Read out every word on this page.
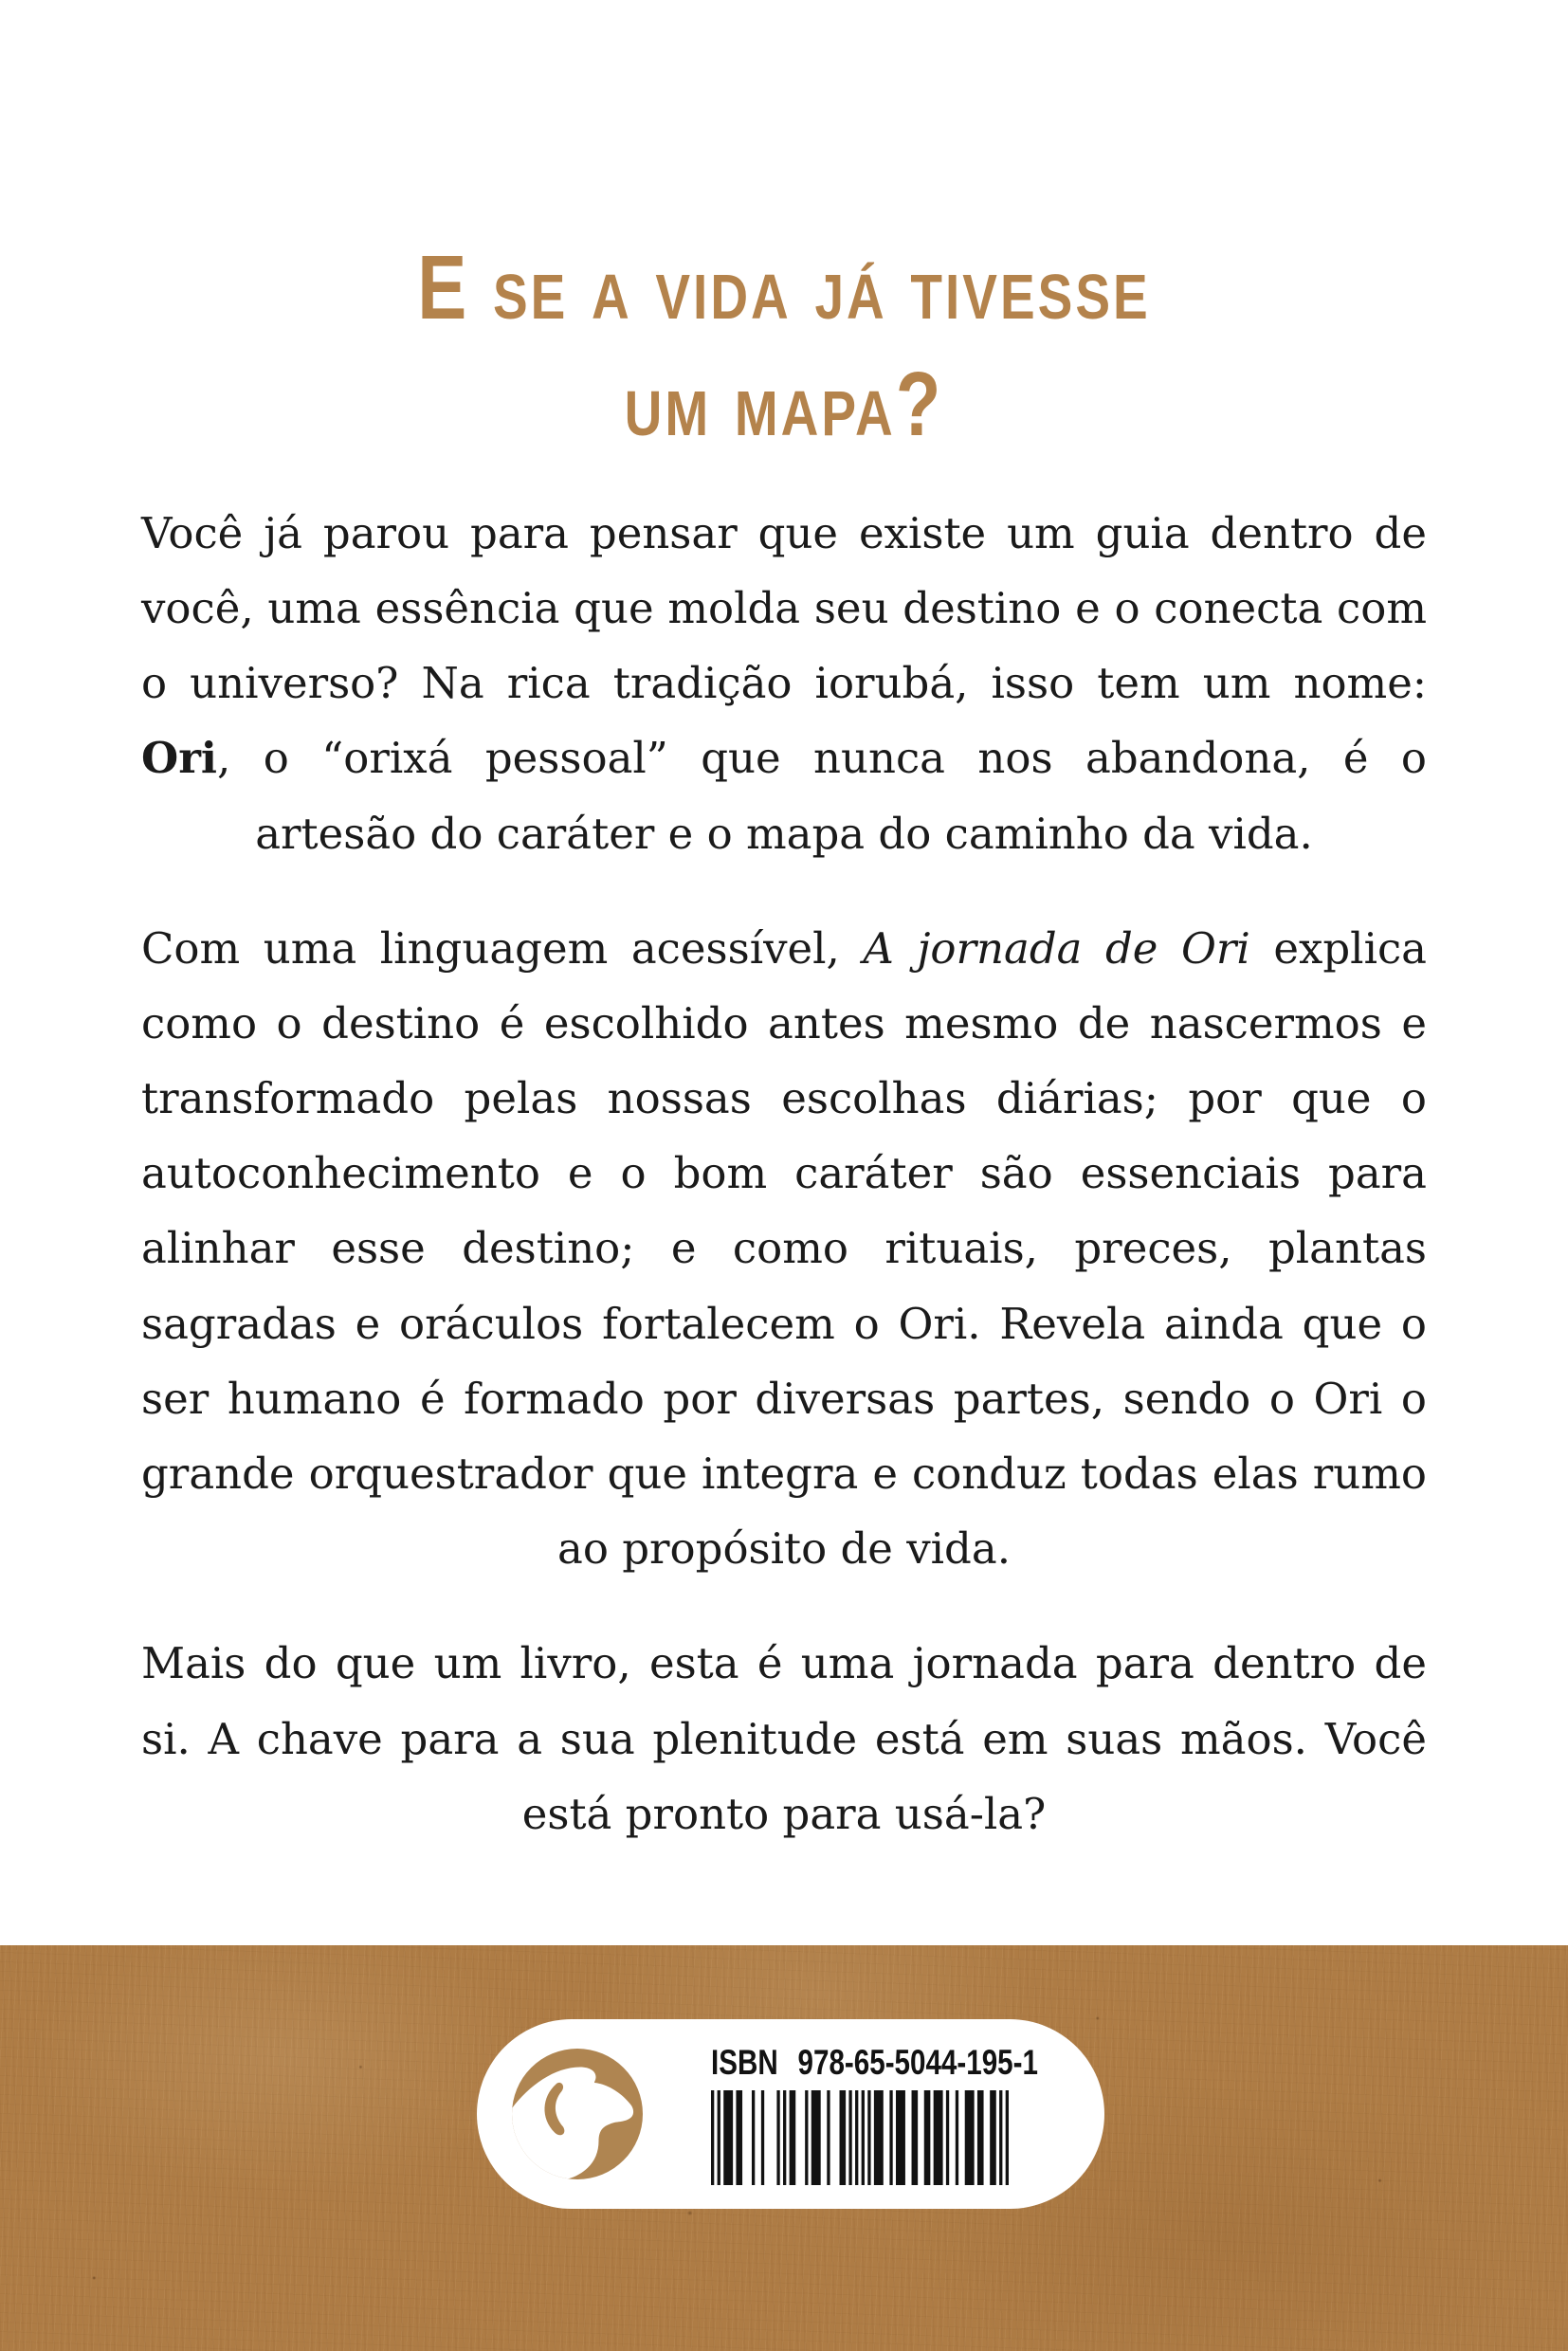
E se a vida já tivesse
um mapa?

Você já parou para pensar que existe um guia dentro de você, uma essência que molda seu destino e o conecta com o universo? Na rica tradição iorubá, isso tem um nome: Ori, o “orixá pessoal” que nunca nos abandona, é o artesão do caráter e o mapa do caminho da vida.

Com uma linguagem acessível, A jornada de Ori explica como o destino é escolhido antes mesmo de nascermos e transformado pelas nossas escolhas diárias; por que o autoconhecimento e o bom caráter são essenciais para alinhar esse destino; e como rituais, preces, plantas sagradas e oráculos fortalecem o Ori. Revela ainda que o ser humano é formado por diversas partes, sendo o Ori o grande orquestrador que integra e conduz todas elas rumo ao propósito de vida.

Mais do que um livro, esta é uma jornada para dentro de si. A chave para a sua plenitude está em suas mãos. Você está pronto para usá-la?

ISBN 978-65-5044-195-1
